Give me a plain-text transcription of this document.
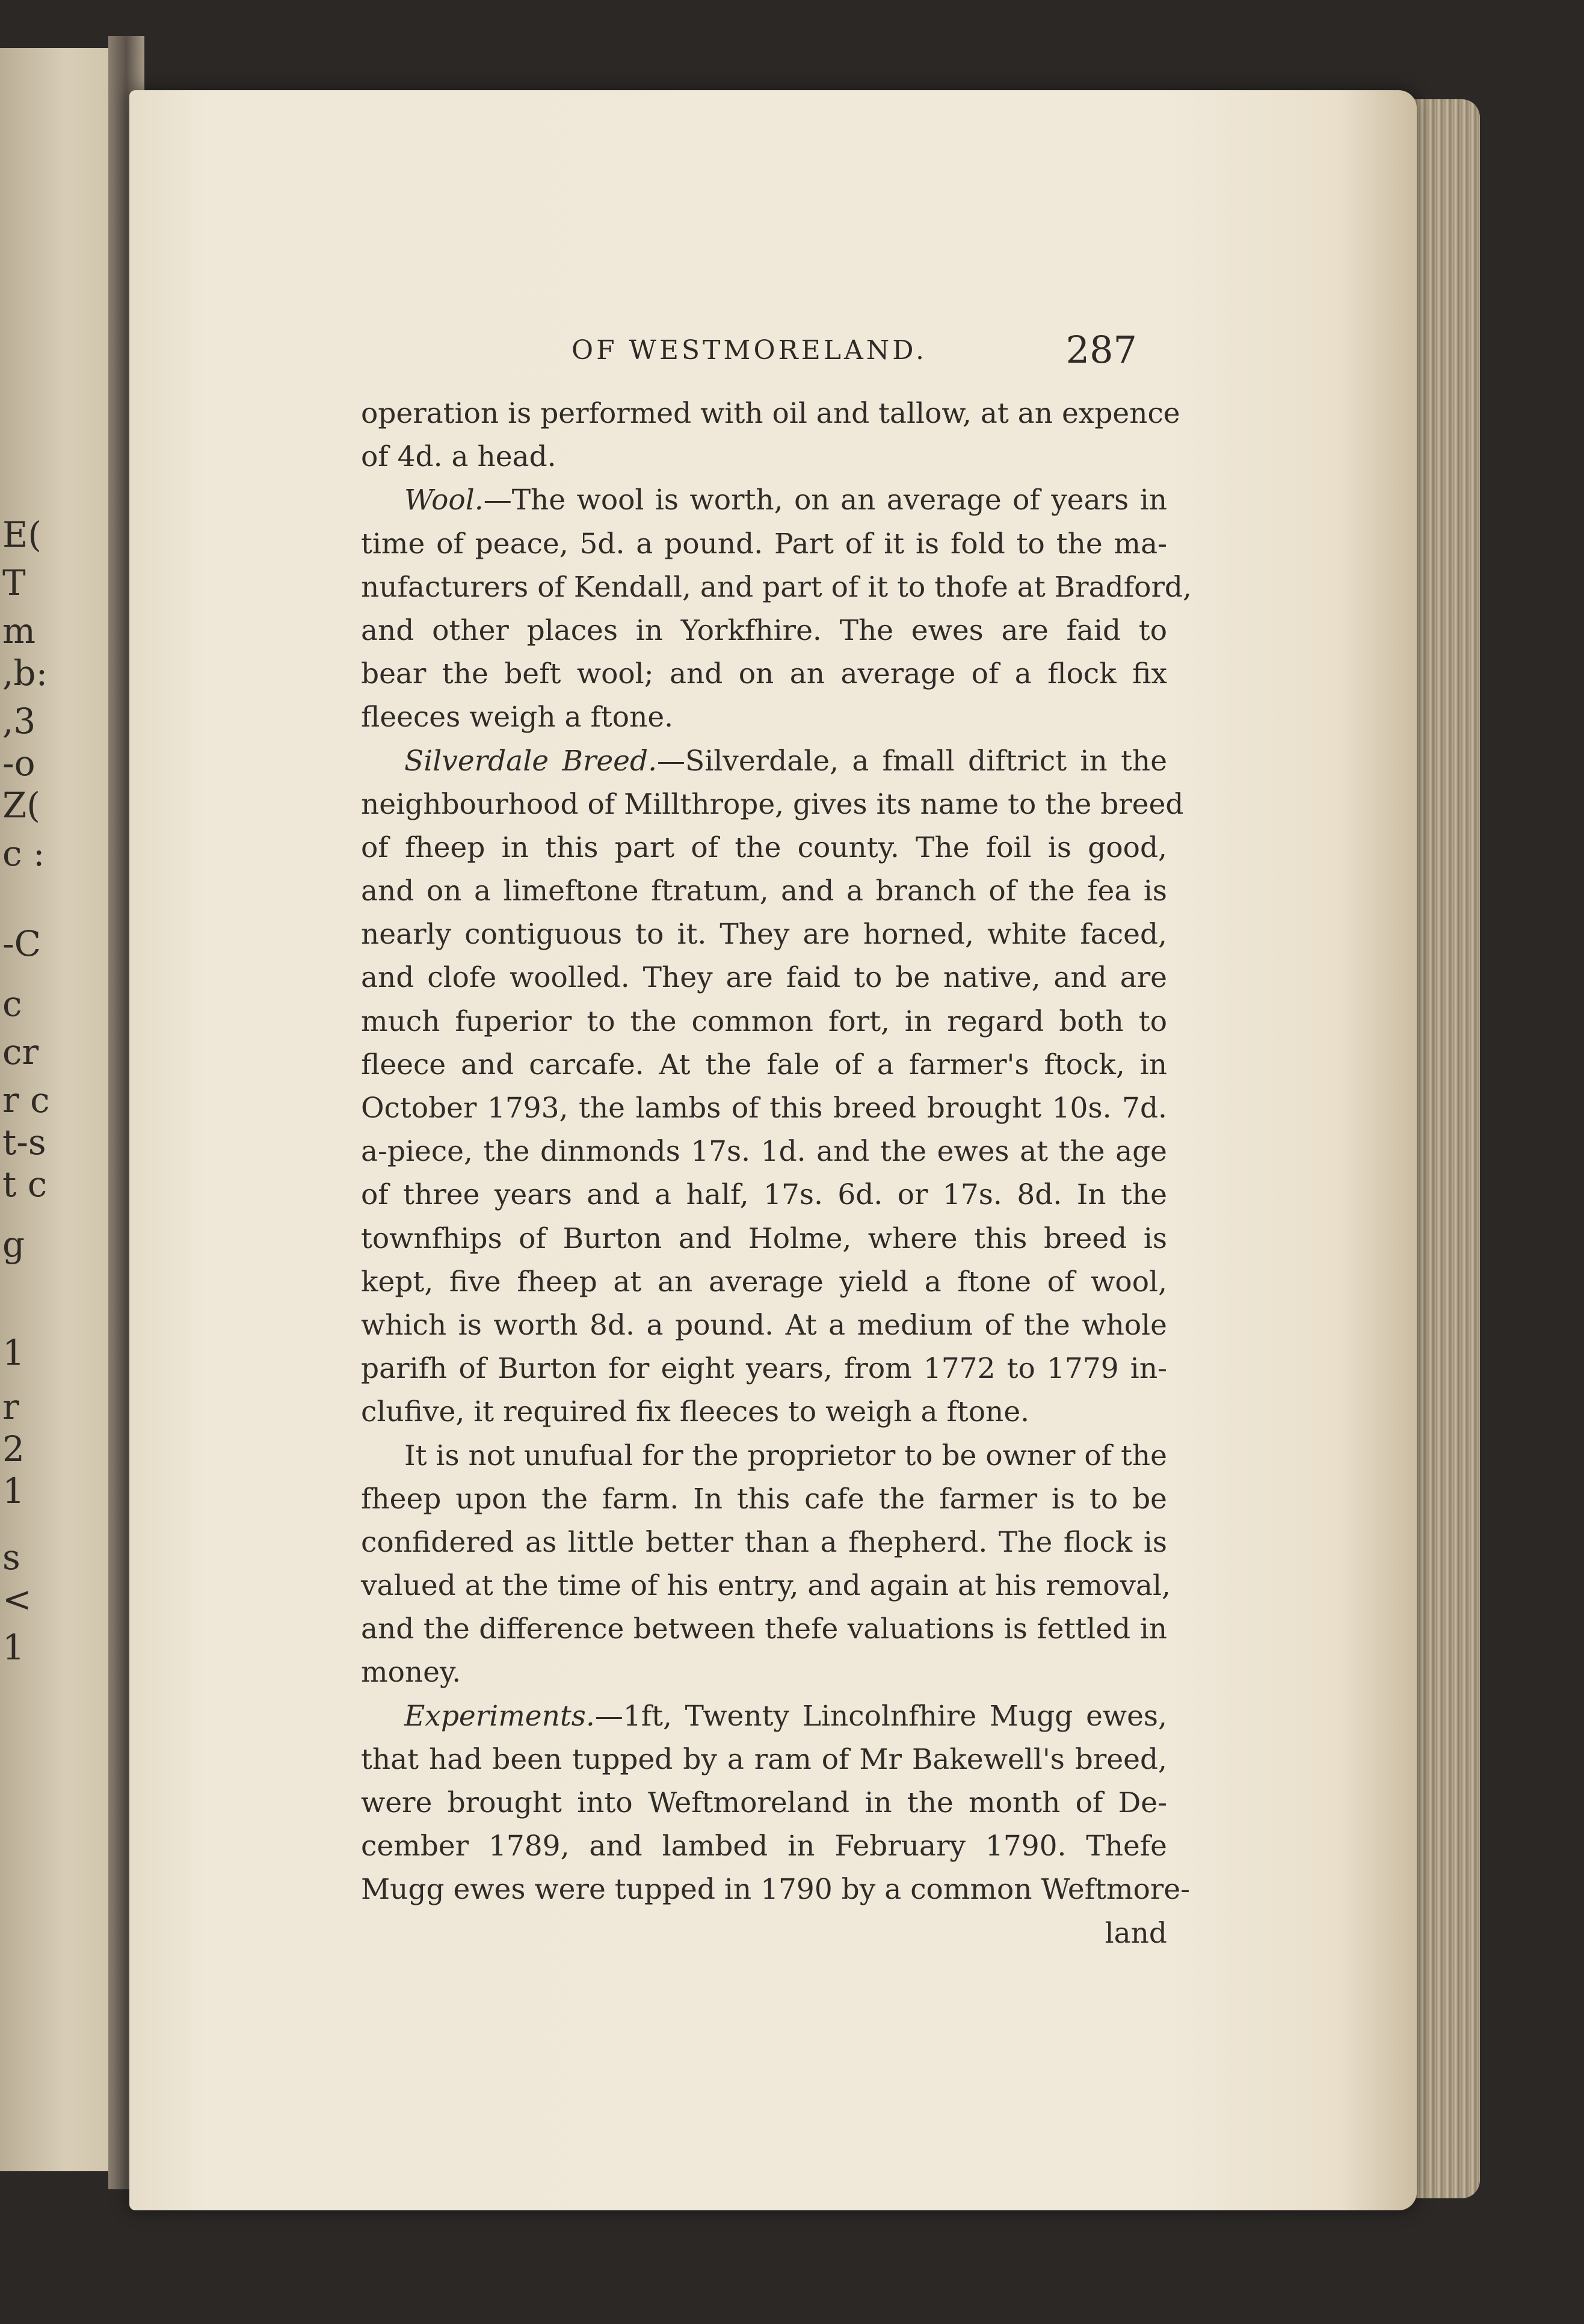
E(
T
m
,b:
,3
-o
Z(
c :
-C
c
cr
r c
t-s
t c
g
1
r
2
1
s
<
1
OF WESTMORELAND.	287
operation is performed with oil and tallow, at an expence
of 4d. a head.
Wool.—The wool is worth, on an average of years in
time of peace, 5d. a pound. Part of it is fold to the ma-
nufacturers of Kendall, and part of it to thofe at Bradford,
and other places in Yorkfhire. The ewes are faid to
bear the beft wool; and on an average of a flock fix
fleeces weigh a ftone.
Silverdale Breed.—Silverdale, a fmall diftrict in the
neighbourhood of Millthrope, gives its name to the breed
of fheep in this part of the county. The foil is good,
and on a limeftone ftratum, and a branch of the fea is
nearly contiguous to it. They are horned, white faced,
and clofe woolled. They are faid to be native, and are
much fuperior to the common fort, in regard both to
fleece and carcafe. At the fale of a farmer's ftock, in
October 1793, the lambs of this breed brought 10s. 7d.
a-piece, the dinmonds 17s. 1d. and the ewes at the age
of three years and a half, 17s. 6d. or 17s. 8d. In the
townfhips of Burton and Holme, where this breed is
kept, five fheep at an average yield a ftone of wool,
which is worth 8d. a pound. At a medium of the whole
parifh of Burton for eight years, from 1772 to 1779 in-
clufive, it required fix fleeces to weigh a ftone.
It is not unufual for the proprietor to be owner of the
fheep upon the farm. In this cafe the farmer is to be
confidered as little better than a fhepherd. The flock is
valued at the time of his entry, and again at his removal,
and the difference between thefe valuations is fettled in
money.
Experiments.—1ft, Twenty Lincolnfhire Mugg ewes,
that had been tupped by a ram of Mr Bakewell's breed,
were brought into Weftmoreland in the month of De-
cember 1789, and lambed in February 1790. Thefe
Mugg ewes were tupped in 1790 by a common Weftmore-
land
